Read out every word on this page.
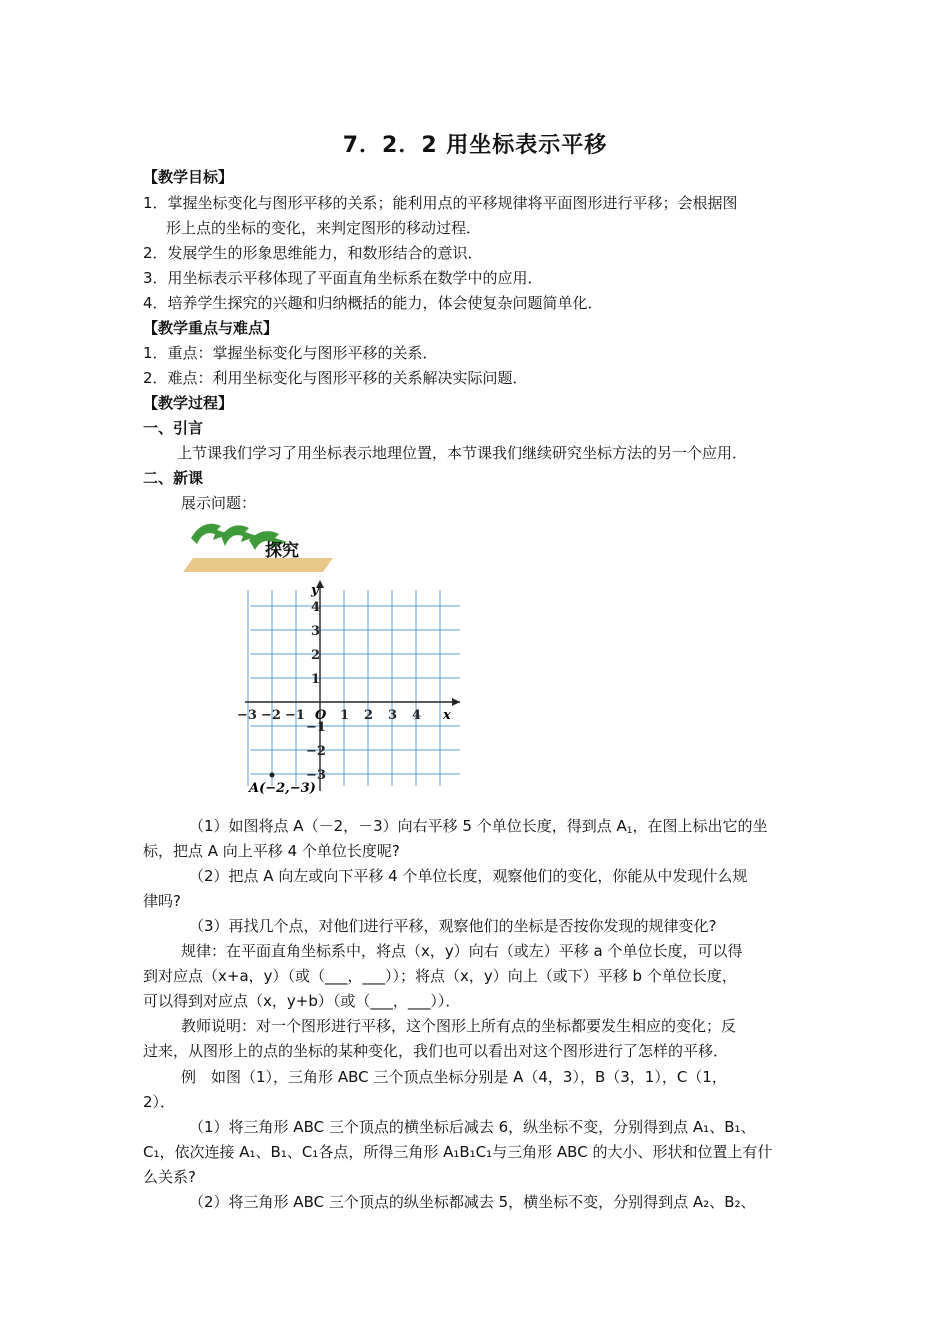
7．2．2 用坐标表示平移
【教学目标】
1．掌握坐标变化与图形平移的关系；能利用点的平移规律将平面图形进行平移；会根据图
形上点的坐标的变化，来判定图形的移动过程．
2．发展学生的形象思维能力，和数形结合的意识．
3．用坐标表示平移体现了平面直角坐标系在数学中的应用．
4．培养学生探究的兴趣和归纳概括的能力，体会使复杂问题简单化．
【教学重点与难点】
1．重点：掌握坐标变化与图形平移的关系．
2．难点：利用坐标变化与图形平移的关系解决实际问题．
【教学过程】
一、引言
上节课我们学习了用坐标表示地理位置，本节课我们继续研究坐标方法的另一个应用．
二、新课
展示问题：
探究
−3 −2 −1	1 2 3 4
4
3
2
1
−1
−2
−3
y
x
O
A(−2,−3)
（1）如图将点 A（－2，－3）向右平移 5 个单位长度，得到点 $A_1$，在图上标出它的坐
标，把点 A 向上平移 4 个单位长度呢?
（2）把点 A 向左或向下平移 4 个单位长度，观察他们的变化，你能从中发现什么规
律吗?
（3）再找几个点，对他们进行平移，观察他们的坐标是否按你发现的规律变化?
规律：在平面直角坐标系中，将点（x，y）向右（或左）平移 a 个单位长度，可以得
到对应点（x+a，y）（或（___，___））；将点（x，y）向上（或下）平移 b 个单位长度，
可以得到对应点（x，y+b）（或（___，___））．
教师说明：对一个图形进行平移，这个图形上所有点的坐标都要发生相应的变化；反
过来，从图形上的点的坐标的某种变化，我们也可以看出对这个图形进行了怎样的平移．
例　如图（1），三角形 ABC 三个顶点坐标分别是 A（4，3），B（3，1），C（1，
2）．
（1）将三角形 ABC 三个顶点的横坐标后减去 6，纵坐标不变，分别得到点 A₁、B₁、
C₁，依次连接 A₁、B₁、C₁各点，所得三角形 A₁B₁C₁与三角形 ABC 的大小、形状和位置上有什
么关系?
（2）将三角形 ABC 三个顶点的纵坐标都减去 5，横坐标不变，分别得到点 A₂、B₂、
